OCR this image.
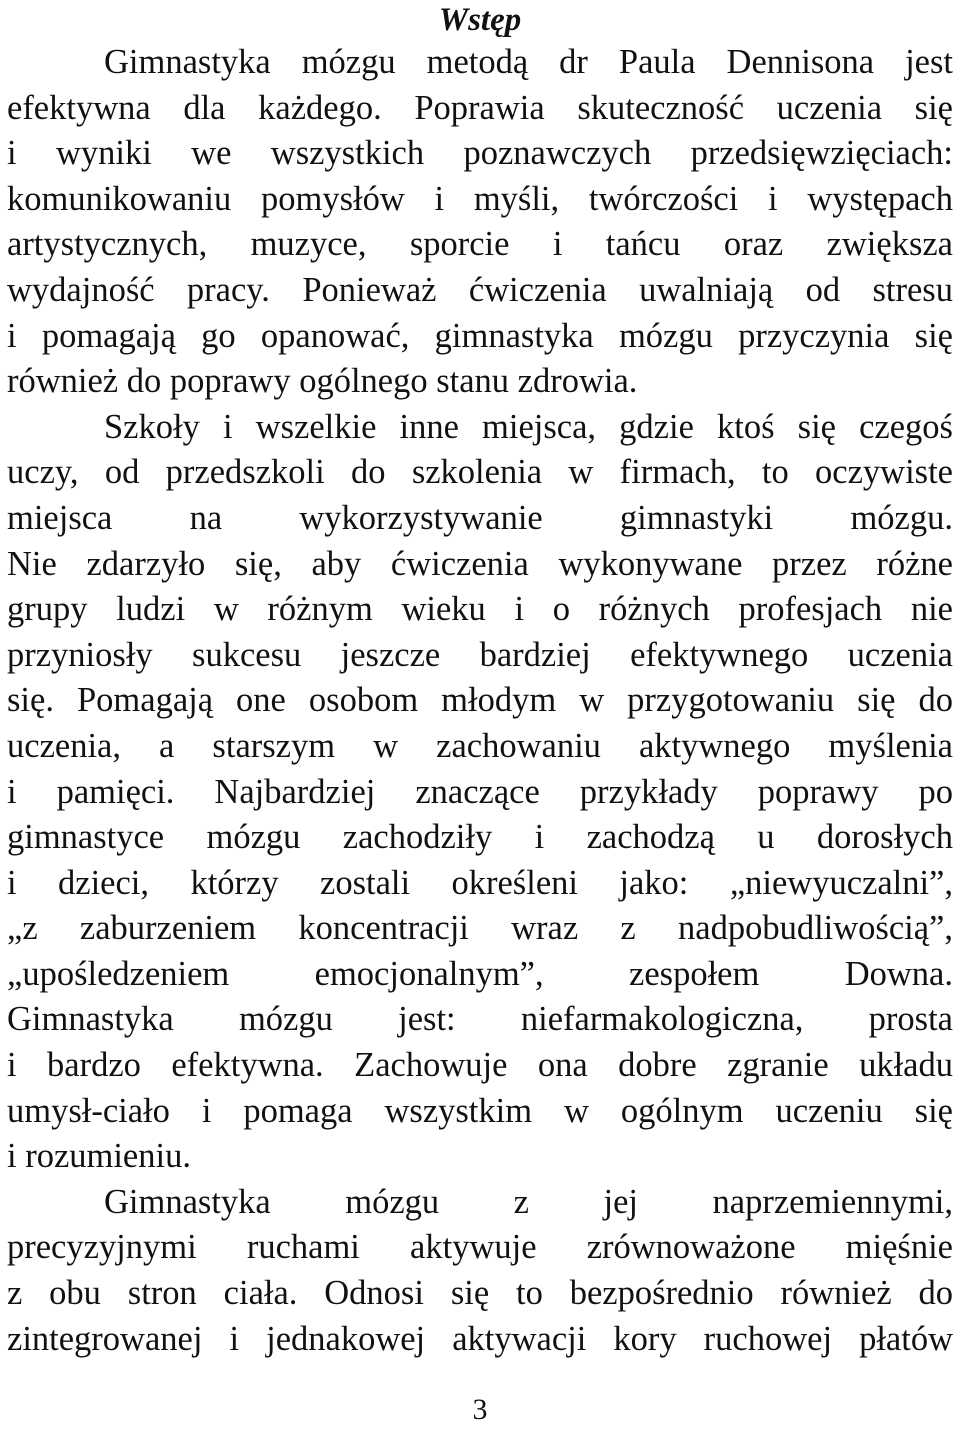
Wstęp
Gimnastyka mózgu metodą dr Paula Dennisona jest
efektywna dla każdego. Poprawia skuteczność uczenia się
i wyniki we wszystkich poznawczych przedsięwzięciach:
komunikowaniu pomysłów i myśli, twórczości i występach
artystycznych, muzyce, sporcie i tańcu oraz zwiększa
wydajność pracy. Ponieważ ćwiczenia uwalniają od stresu
i pomagają go opanować, gimnastyka mózgu przyczynia się
również do poprawy ogólnego stanu zdrowia.
Szkoły i wszelkie inne miejsca, gdzie ktoś się czegoś
uczy, od przedszkoli do szkolenia w firmach, to oczywiste
miejsca na wykorzystywanie gimnastyki mózgu.
Nie zdarzyło się, aby ćwiczenia wykonywane przez różne
grupy ludzi w różnym wieku i o różnych profesjach nie
przyniosły sukcesu jeszcze bardziej efektywnego uczenia
się. Pomagają one osobom młodym w przygotowaniu się do
uczenia, a starszym w zachowaniu aktywnego myślenia
i pamięci. Najbardziej znaczące przykłady poprawy po
gimnastyce mózgu zachodziły i zachodzą u dorosłych
i dzieci, którzy zostali określeni jako: „niewyuczalni”,
„z zaburzeniem koncentracji wraz z nadpobudliwością”,
„upośledzeniem emocjonalnym”, zespołem Downa.
Gimnastyka mózgu jest: niefarmakologiczna, prosta
i bardzo efektywna. Zachowuje ona dobre zgranie układu
umysł-ciało i pomaga wszystkim w ogólnym uczeniu się
i rozumieniu.
Gimnastyka mózgu z jej naprzemiennymi,
precyzyjnymi ruchami aktywuje zrównoważone mięśnie
z obu stron ciała. Odnosi się to bezpośrednio również do
zintegrowanej i jednakowej aktywacji kory ruchowej płatów
3
